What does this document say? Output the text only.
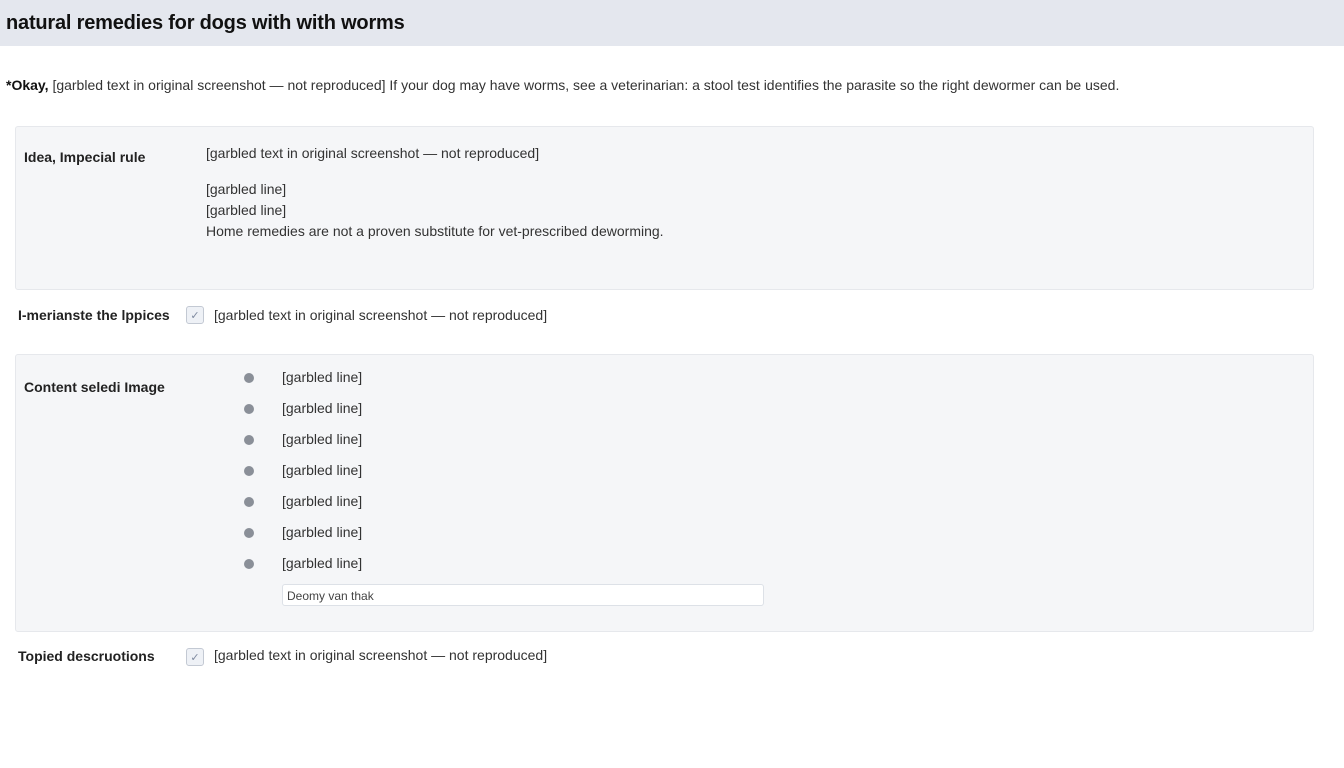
natural remedies for dogs with with worms
*Okay, [garbled text in original screenshot — not reproduced] If your dog may have worms, see a veterinarian: a stool test identifies the parasite so the right dewormer can be used.
Idea, Impecial rule	[garbled text in original screenshot — not reproduced]

[garbled line]
[garbled line]
Home remedies are not a proven substitute for vet-prescribed deworming.
I-merianste the lppices	✓	[garbled text in original screenshot — not reproduced]
Content seledi Image
[garbled line]
[garbled line]
[garbled line]
[garbled line]
[garbled line]
[garbled line]
[garbled line]
Deomy van thak
Topied descruotions	✓	[garbled text in original screenshot — not reproduced]
